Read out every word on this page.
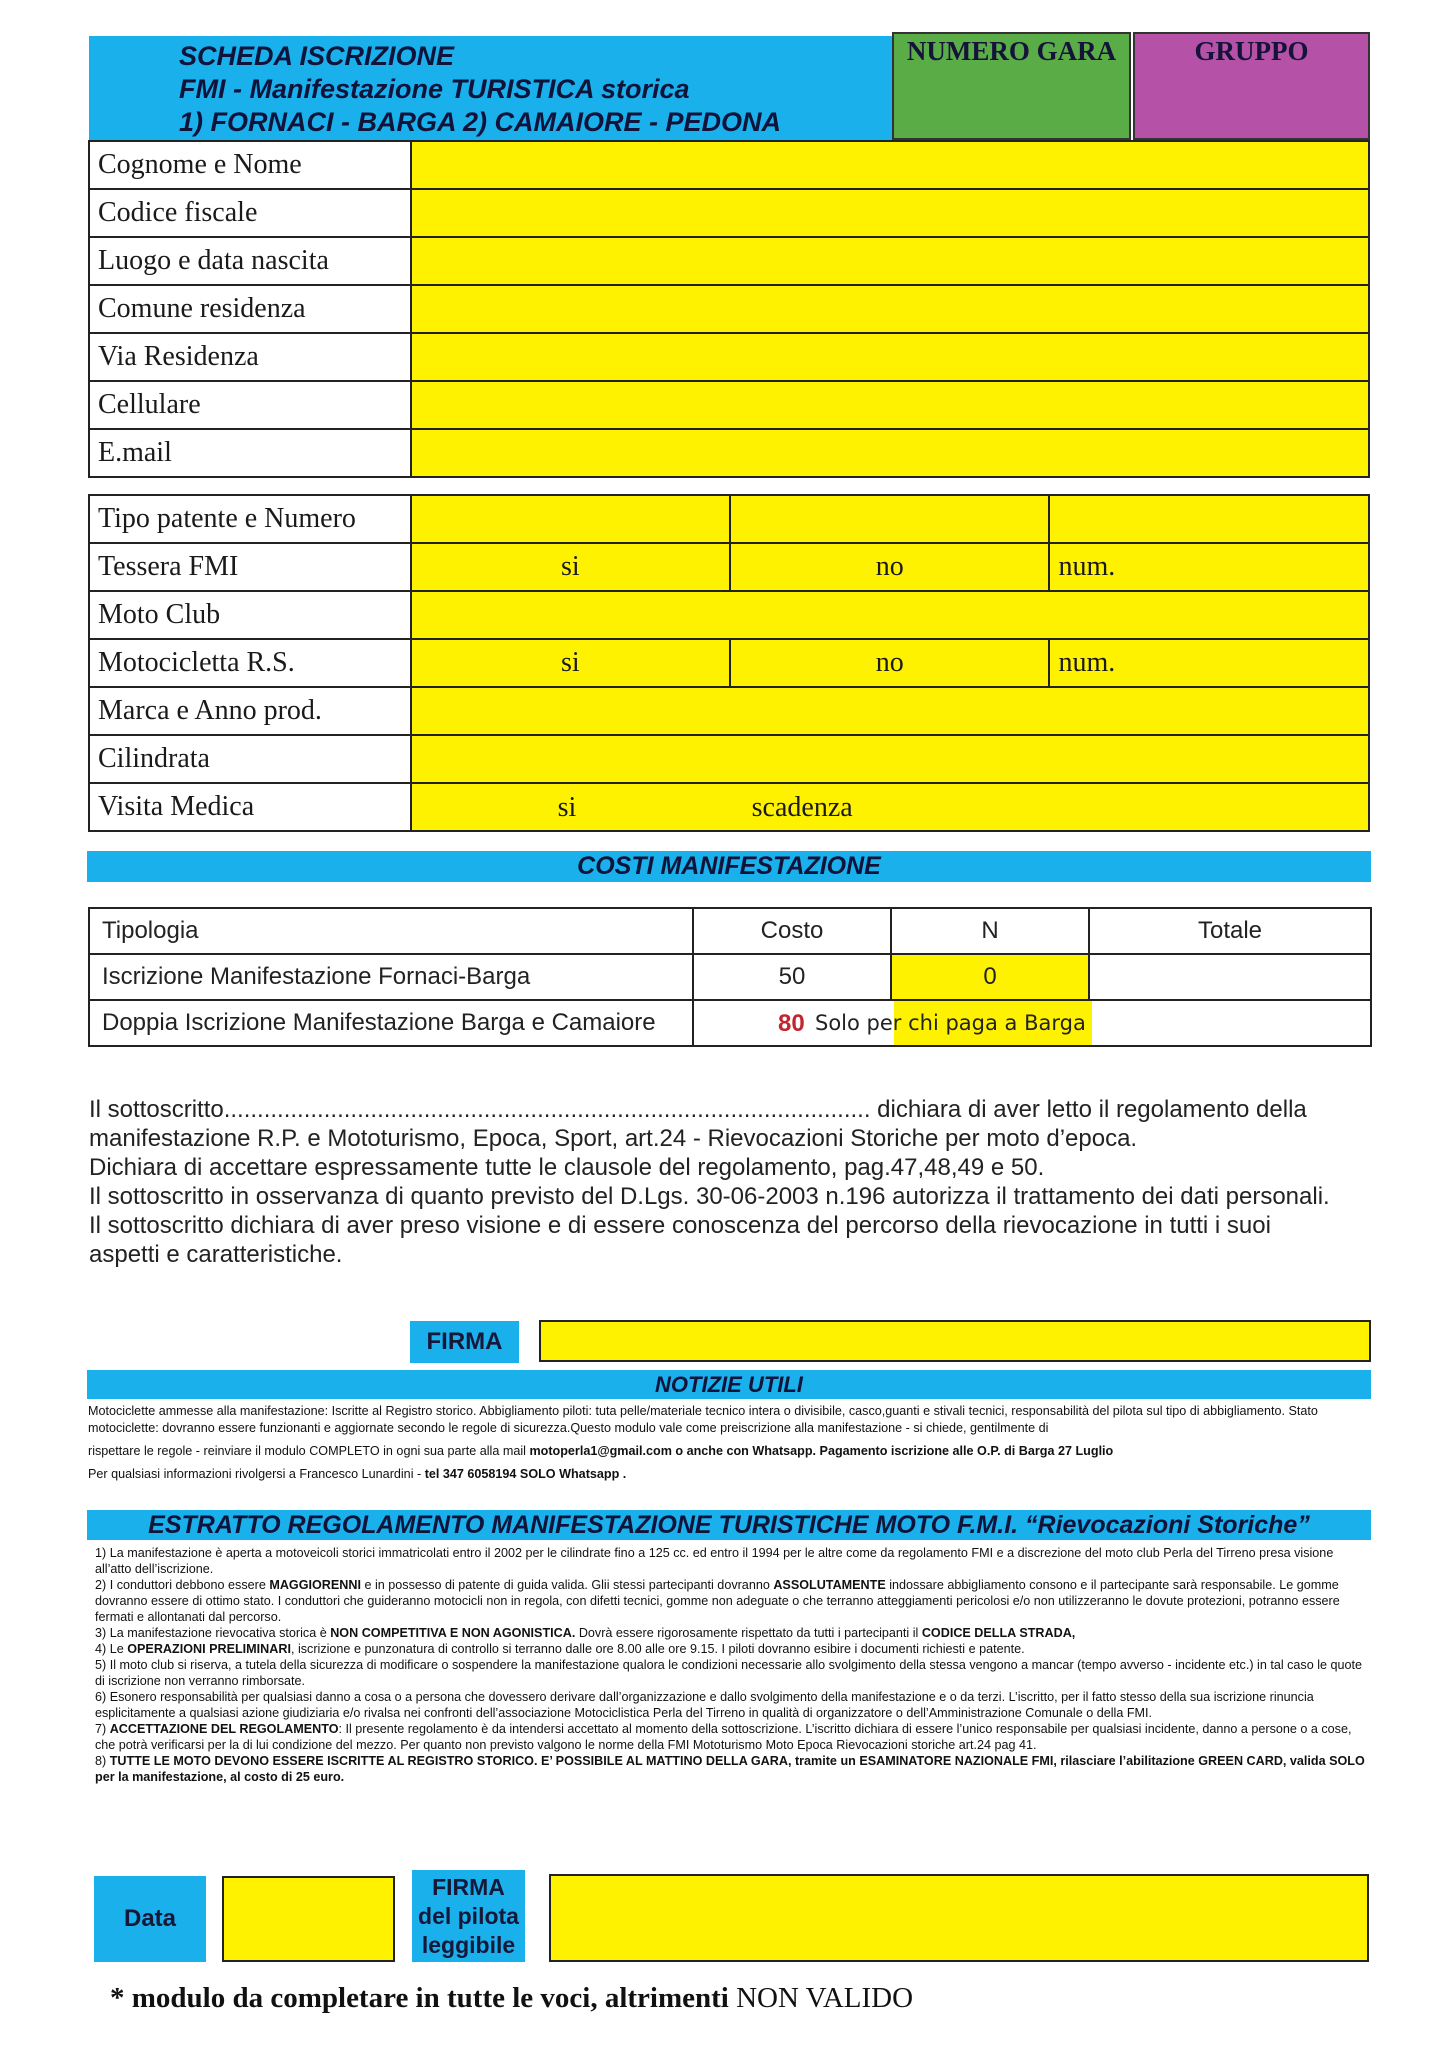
SCHEDA ISCRIZIONE
FMI - Manifestazione TURISTICA storica
1) FORNACI - BARGA 2) CAMAIORE - PEDONA
NUMERO GARA	GRUPPO
Cognome e Nome	
Codice fiscale	
Luogo e data nascita	
Comune residenza	
Via Residenza	
Cellulare	
E.mail	
Tipo patente e Numero			
Tessera FMI	si	no	num.
Moto Club			
Motocicletta R.S.	si	no	num.
Marca e Anno prod.			
Cilindrata			
Visita Medica	si scadenza		
COSTI MANIFESTAZIONE
Tipologia	Costo	N	Totale
Iscrizione Manifestazione Fornaci-Barga	50	0	
Doppia Iscrizione Manifestazione Barga e Camaiore	80 Solo per chi paga a Barga		

Il sottoscritto................................................................................................. dichiara di aver letto il regolamento della

manifestazione R.P. e Mototurismo, Epoca, Sport, art.24 - Rievocazioni Storiche per moto d’epoca.

Dichiara di accettare espressamente tutte le clausole del regolamento, pag.47,48,49 e 50.

Il sottoscritto in osservanza di quanto previsto del D.Lgs. 30-06-2003 n.196 autorizza il trattamento dei dati personali.

Il sottoscritto dichiara di aver preso visione e di essere conoscenza del percorso della rievocazione in tutti i suoi

aspetti e caratteristiche.

FIRMA
NOTIZIE UTILI

Motociclette ammesse alla manifestazione: Iscritte al Registro storico. Abbigliamento piloti: tuta pelle/materiale tecnico intera o divisibile, casco,guanti e stivali tecnici, responsabilità del pilota sul tipo di abbigliamento. Stato motociclette: dovranno essere funzionanti e aggiornate secondo le regole di sicurezza.Questo modulo vale come preiscrizione alla manifestazione - si chiede, gentilmente di

rispettare le regole - reinviare il modulo COMPLETO in ogni sua parte alla mail motoperla1@gmail.com o anche con Whatsapp. Pagamento iscrizione alle O.P. di Barga 27 Luglio

Per qualsiasi informazioni rivolgersi a Francesco Lunardini - tel 347 6058194 SOLO Whatsapp .

ESTRATTO REGOLAMENTO MANIFESTAZIONE TURISTICHE MOTO F.M.I. “Rievocazioni Storiche”

1) La manifestazione è aperta a motoveicoli storici immatricolati entro il 2002 per le cilindrate fino a 125 cc. ed entro il 1994 per le altre come da regolamento FMI e a discrezione del moto club Perla del Tirreno presa visione all’atto dell’iscrizione.

2) I conduttori debbono essere MAGGIORENNI e in possesso di patente di guida valida. Glii stessi partecipanti dovranno ASSOLUTAMENTE indossare abbigliamento consono e il partecipante sarà responsabile. Le gomme dovranno essere di ottimo stato. I conduttori che guideranno motocicli non in regola, con difetti tecnici, gomme non adeguate o che terranno atteggiamenti pericolosi e/o non utilizzeranno le dovute protezioni, potranno essere fermati e allontanati dal percorso.

3) La manifestazione rievocativa storica è NON COMPETITIVA E NON AGONISTICA. Dovrà essere rigorosamente rispettato da tutti i partecipanti il CODICE DELLA STRADA,

4) Le OPERAZIONI PRELIMINARI, iscrizione e punzonatura di controllo si terranno dalle ore 8.00 alle ore 9.15. I piloti dovranno esibire i documenti richiesti e patente.

5) Il moto club si riserva, a tutela della sicurezza di modificare o sospendere la manifestazione qualora le condizioni necessarie allo svolgimento della stessa vengono a mancar (tempo avverso - incidente etc.) in tal caso le quote di iscrizione non verranno rimborsate.

6) Esonero responsabilità per qualsiasi danno a cosa o a persona che dovessero derivare dall’organizzazione e dallo svolgimento della manifestazione e o da terzi. L’iscritto, per il fatto stesso della sua iscrizione rinuncia esplicitamente a qualsiasi azione giudiziaria e/o rivalsa nei confronti dell’associazione Motociclistica Perla del Tirreno in qualità di organizzatore o dell’Amministrazione Comunale o della FMI.

7) ACCETTAZIONE DEL REGOLAMENTO: Il presente regolamento è da intendersi accettato al momento della sottoscrizione. L’iscritto dichiara di essere l’unico responsabile per qualsiasi incidente, danno a persone o a cose, che potrà verificarsi per la di lui condizione del mezzo. Per quanto non previsto valgono le norme della FMI Mototurismo Moto Epoca Rievocazioni storiche art.24 pag 41.

8) TUTTE LE MOTO DEVONO ESSERE ISCRITTE AL REGISTRO STORICO. E’ POSSIBILE AL MATTINO DELLA GARA, tramite un ESAMINATORE NAZIONALE FMI, rilasciare l’abilitazione GREEN CARD, valida SOLO per la manifestazione, al costo di 25 euro.

Data
FIRMA
del pilota
leggibile
* modulo da completare in tutte le voci, altrimenti NON VALIDO
